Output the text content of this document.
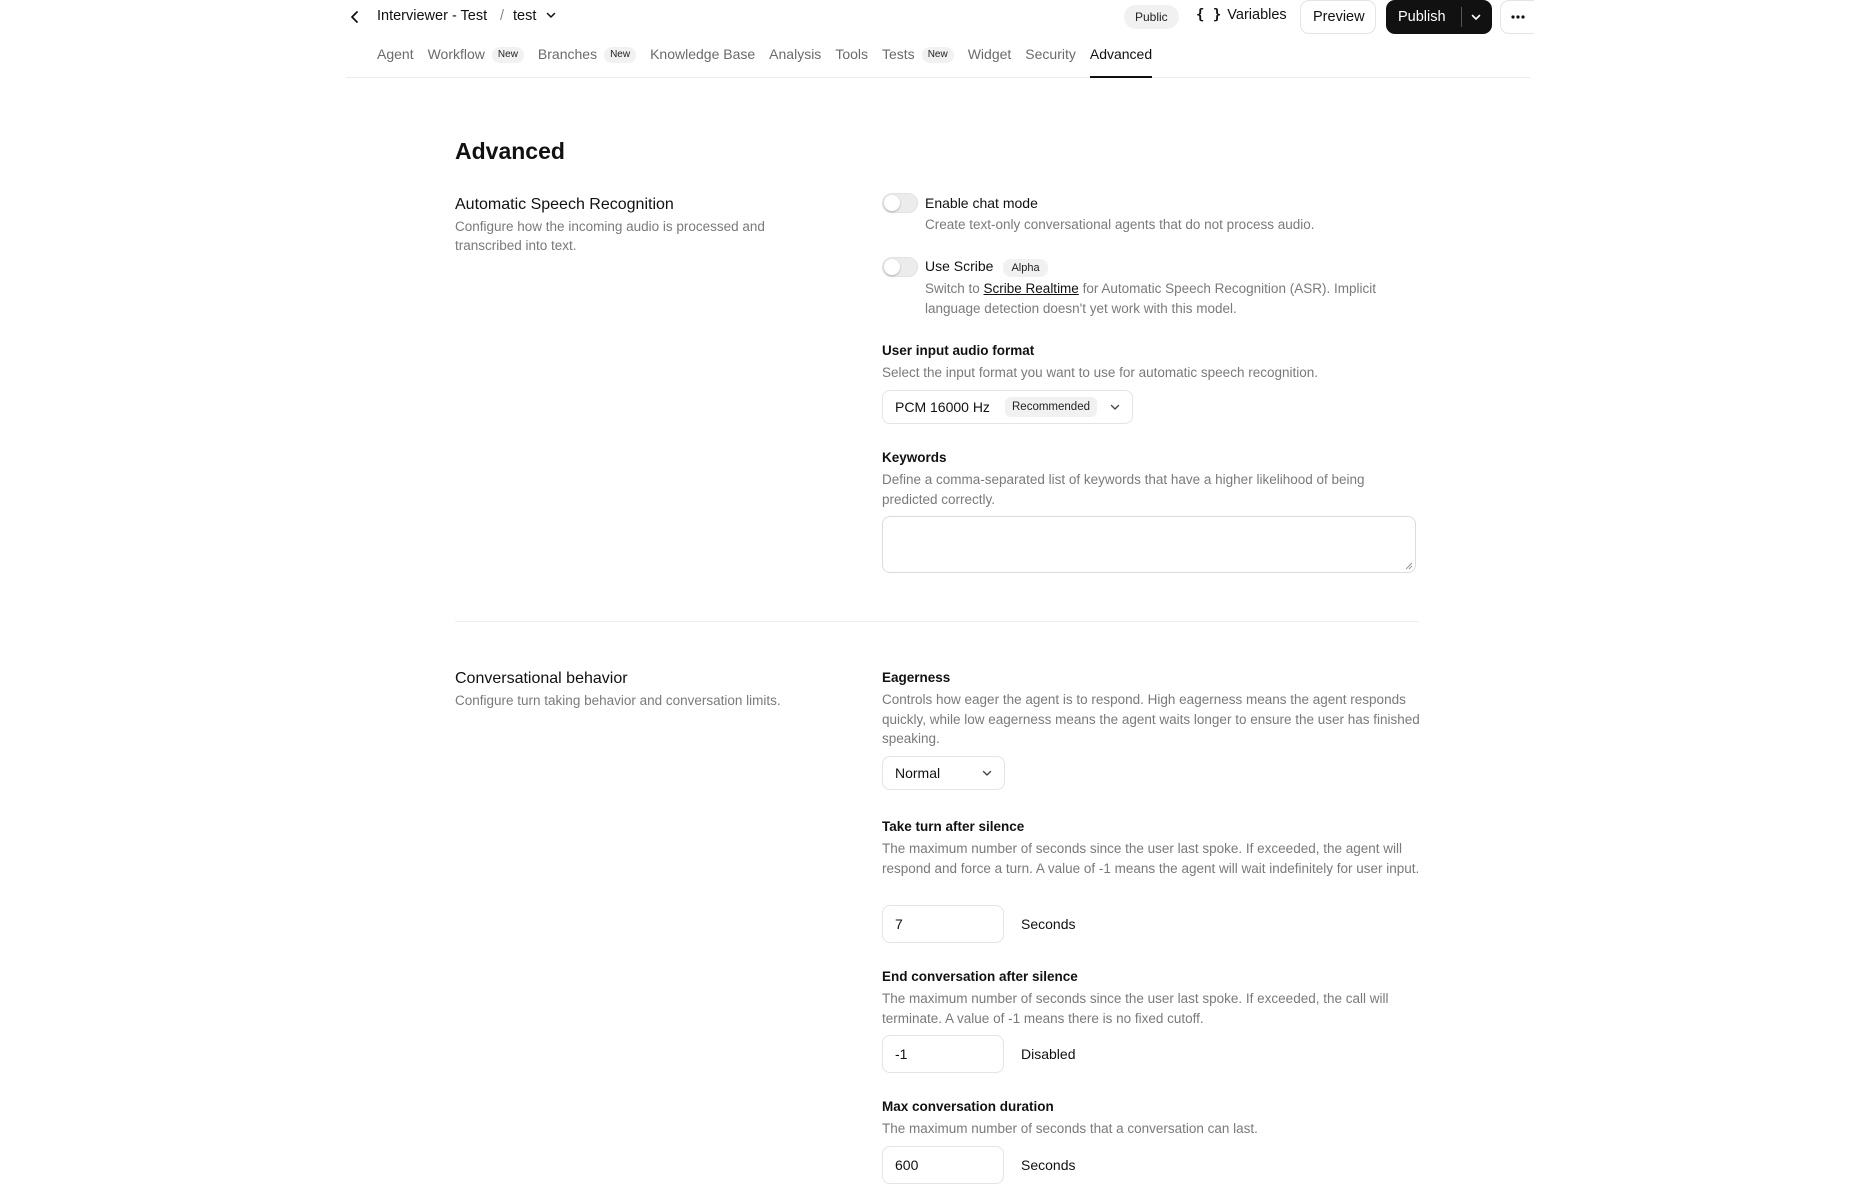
Interviewer - Test / test	Public	{ } Variables	Preview	Publish
Agent Workflow	New	Branches	New	Knowledge Base Analysis Tools Tests	New	Widget Security Advanced
Advanced
Automatic Speech Recognition
Configure how the incoming audio is processed and transcribed into text.
Enable chat mode
Create text-only conversational agents that do not process audio.
Use Scribe Alpha
Switch to Scribe Realtime for Automatic Speech Recognition (ASR). Implicit language detection doesn't yet work with this model.
User input audio format
Select the input format you want to use for automatic speech recognition.
PCM 16000 Hz	Recommended
Keywords
Define a comma-separated list of keywords that have a higher likelihood of being predicted correctly.
Conversational behavior
Configure turn taking behavior and conversation limits.
Eagerness
Controls how eager the agent is to respond. High eagerness means the agent responds quickly, while low eagerness means the agent waits longer to ensure the user has finished speaking.
Normal
Take turn after silence
The maximum number of seconds since the user last spoke. If exceeded, the agent will respond and force a turn. A value of -1 means the agent will wait indefinitely for user input.
7
Seconds
End conversation after silence
The maximum number of seconds since the user last spoke. If exceeded, the call will terminate. A value of -1 means there is no fixed cutoff.
-1
Disabled
Max conversation duration
The maximum number of seconds that a conversation can last.
600
Seconds
